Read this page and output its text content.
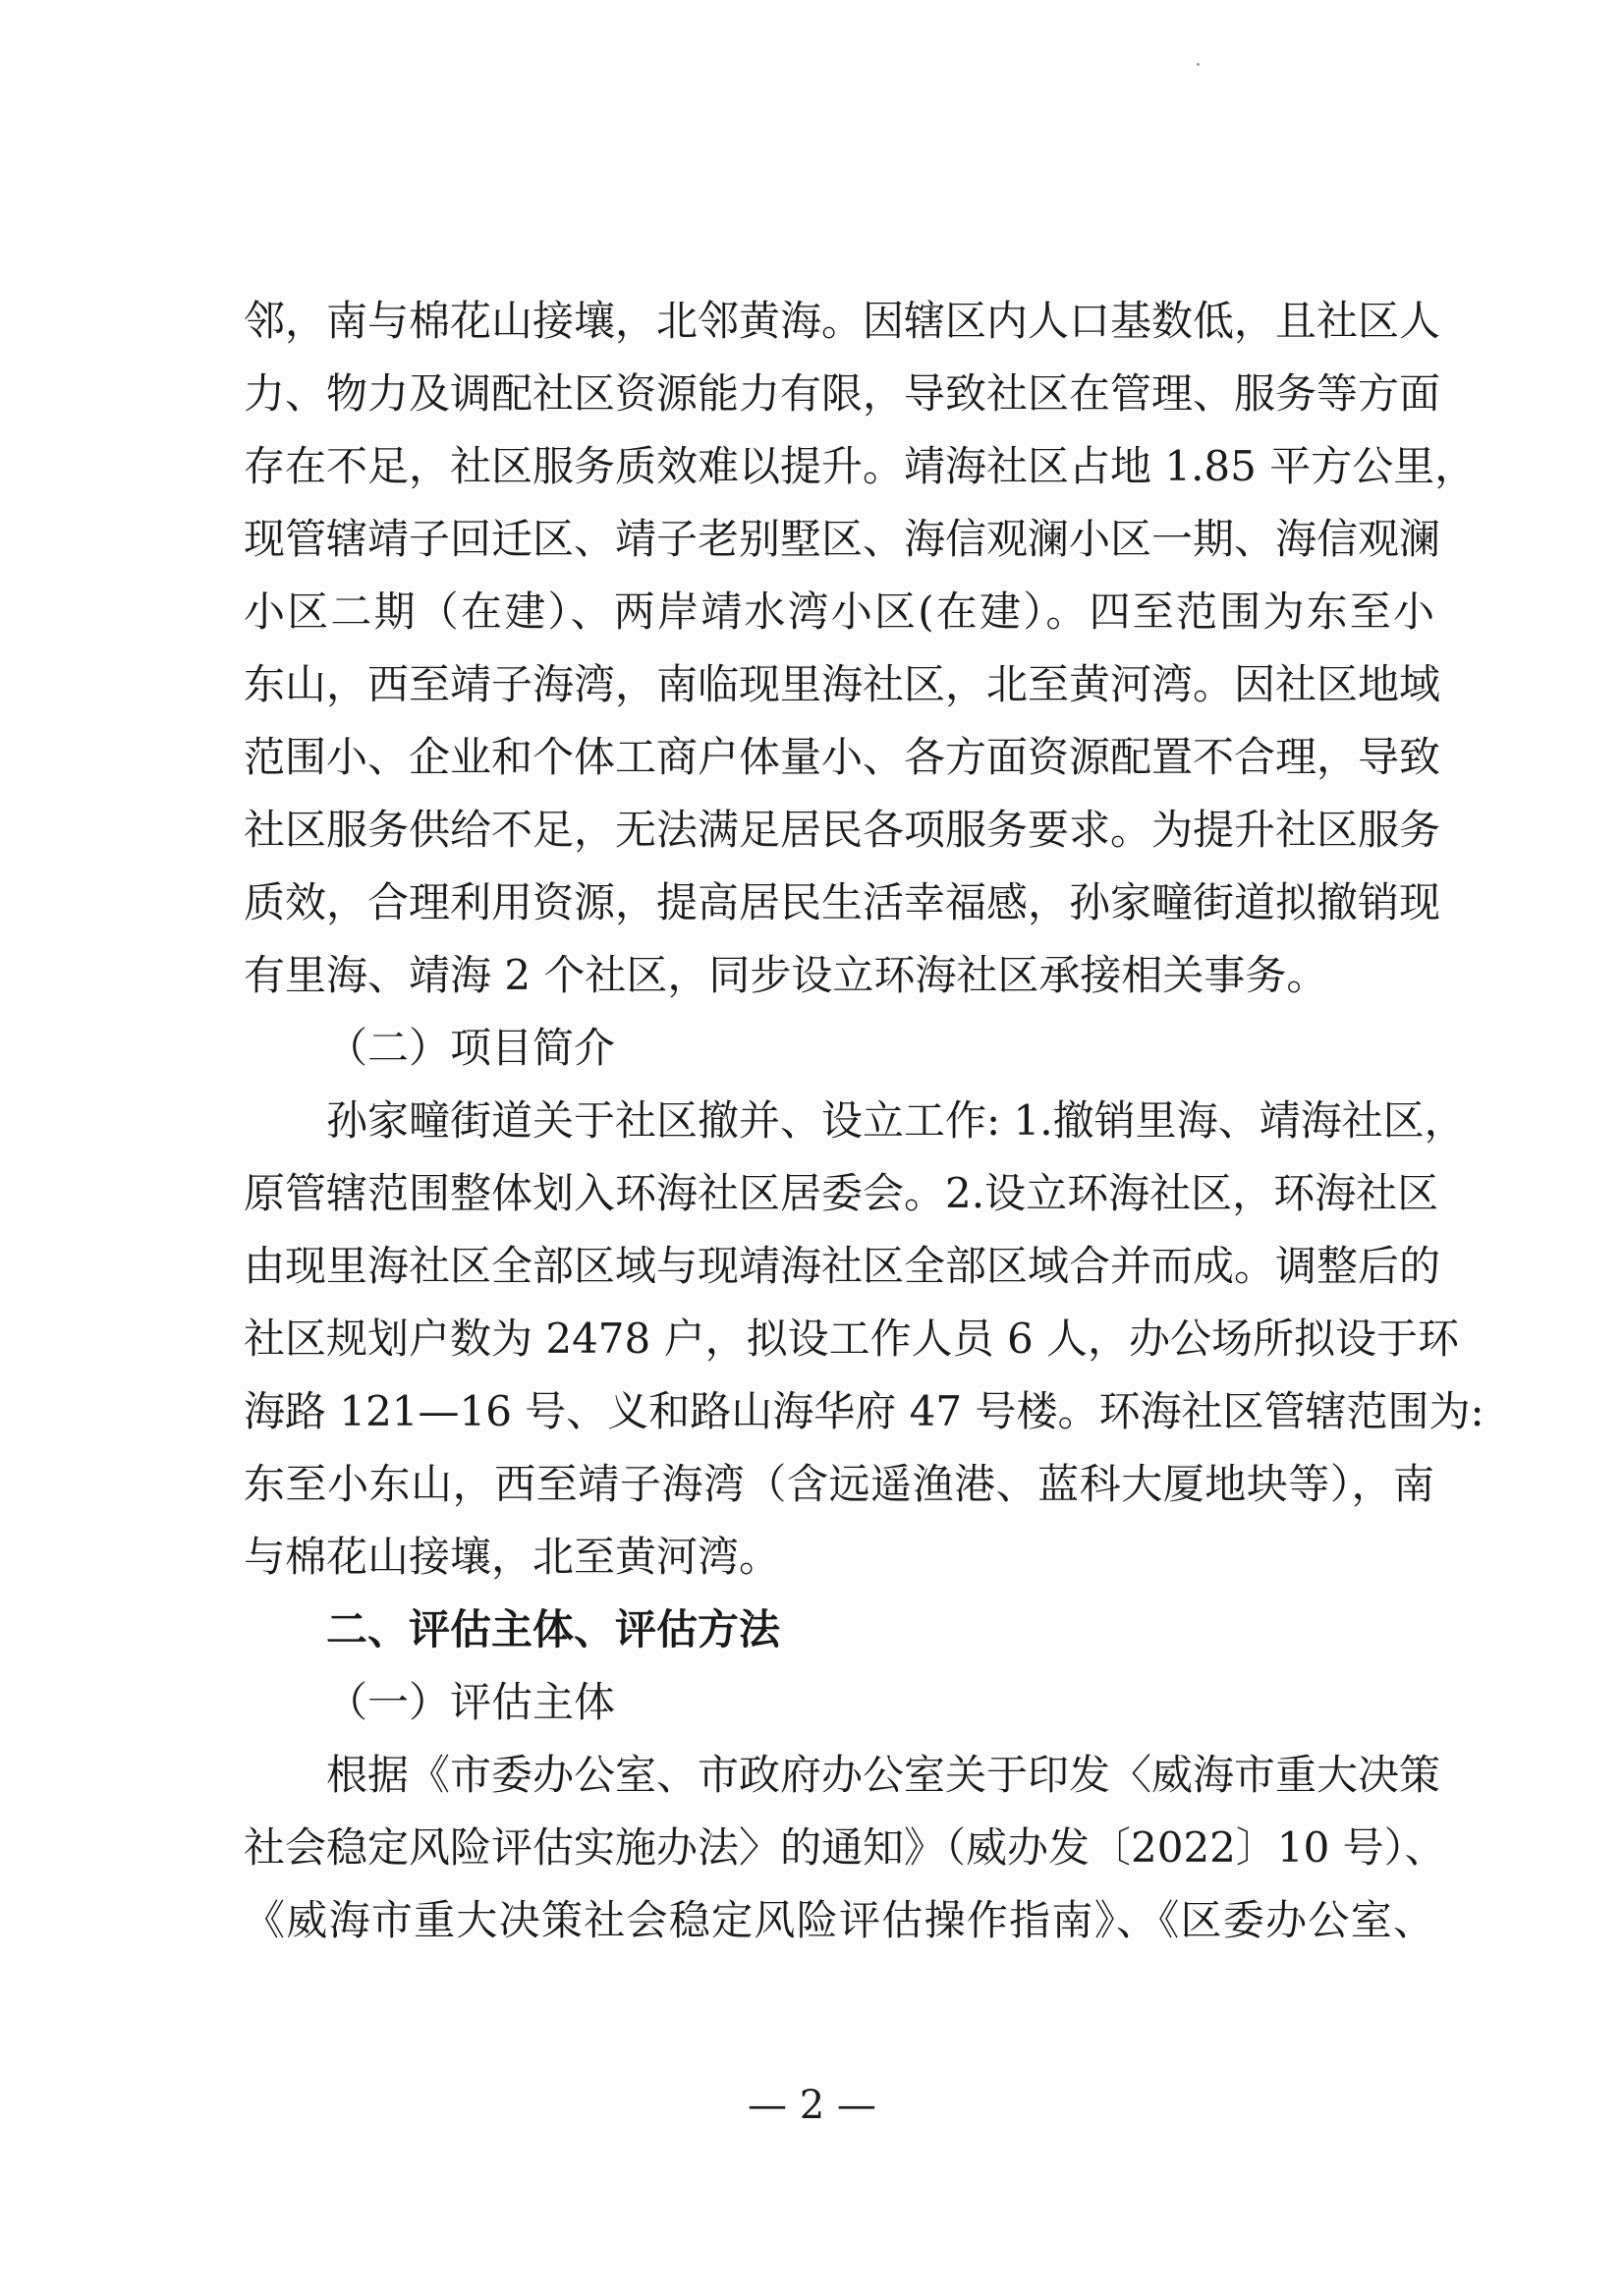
邻，南与棉花山接壤，北邻黄海。因辖区内人口基数低，且社区人
力、物力及调配社区资源能力有限，导致社区在管理、服务等方面
存在不足，社区服务质效难以提升。靖海社区占地 1.85 平方公里，
现管辖靖子回迁区、靖子老别墅区、海信观澜小区一期、海信观澜
小区二期（在建）、两岸靖水湾小区(在建）。四至范围为东至小
东山，西至靖子海湾，南临现里海社区，北至黄河湾。因社区地域
范围小、企业和个体工商户体量小、各方面资源配置不合理，导致
社区服务供给不足，无法满足居民各项服务要求。为提升社区服务
质效，合理利用资源，提高居民生活幸福感，孙家疃街道拟撤销现
有里海、靖海 2 个社区，同步设立环海社区承接相关事务。
（二）项目简介
孙家疃街道关于社区撤并、设立工作: 1.撤销里海、靖海社区，
原管辖范围整体划入环海社区居委会。2.设立环海社区，环海社区
由现里海社区全部区域与现靖海社区全部区域合并而成。调整后的
社区规划户数为 2478 户，拟设工作人员 6 人，办公场所拟设于环
海路 121—16 号、义和路山海华府 47 号楼。环海社区管辖范围为:
东至小东山，西至靖子海湾（含远遥渔港、蓝科大厦地块等），南
与棉花山接壤，北至黄河湾。
二、评估主体、评估方法
（一）评估主体
根据《市委办公室、市政府办公室关于印发〈威海市重大决策
社会稳定风险评估实施办法〉的通知》（威办发〔2022〕10 号）、
《威海市重大决策社会稳定风险评估操作指南》、《区委办公室、
— 2 —
